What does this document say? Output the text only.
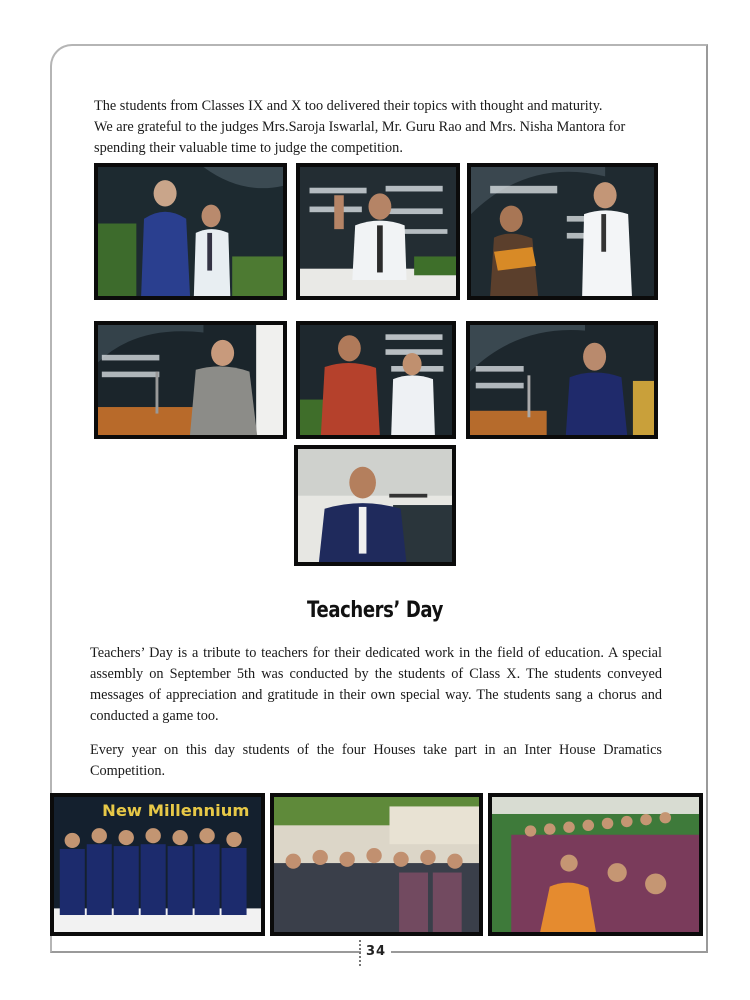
The students from Classes IX and X too delivered their topics with thought and maturity.
We are grateful to the judges Mrs.Saroja Iswarlal, Mr. Guru Rao and Mrs. Nisha Mantora for spending their valuable time to judge the competition.

Teachers’ Day

Teachers’ Day is a tribute to teachers for their dedicated work in the field of education. A special assembly on September 5th was conducted by the students of Class X. The students conveyed messages of appreciation and gratitude in their own special way. The students sang a chorus and conducted a game too.

Every year on this day students of the four Houses take part in an Inter House Dramatics Competition.

New Millennium
34
